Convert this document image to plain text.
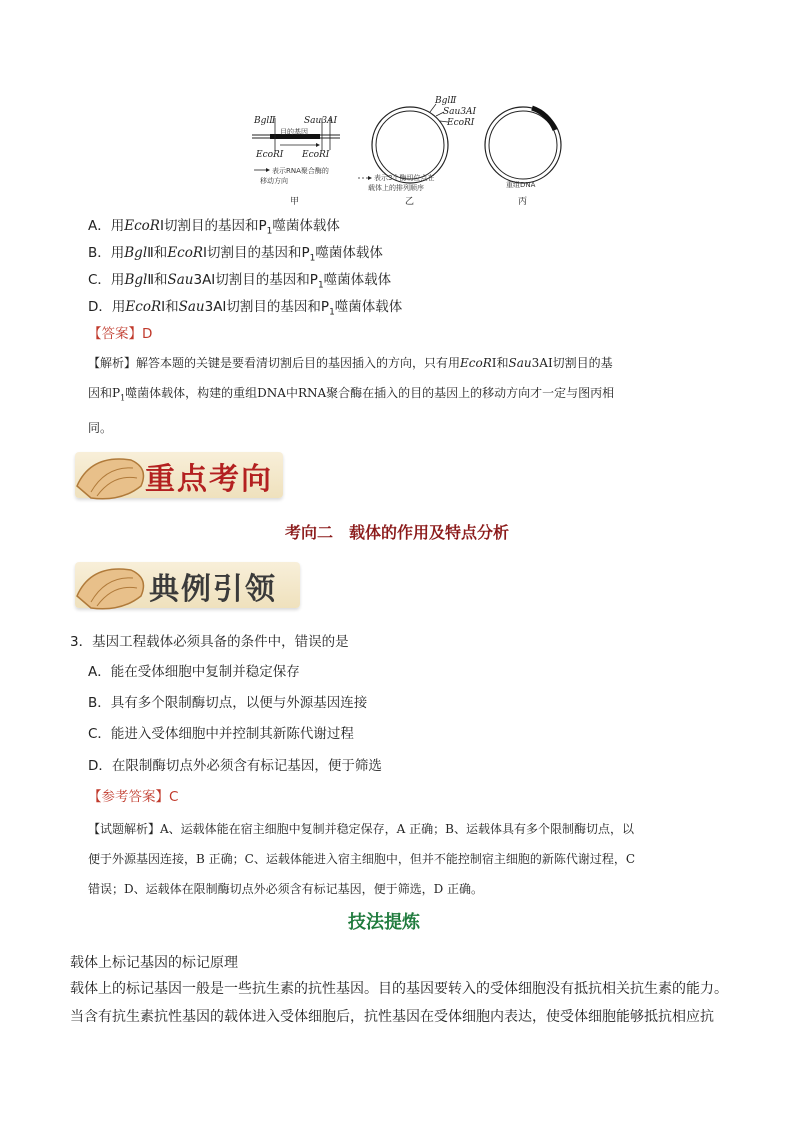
BglⅡ	Sau3AⅠ
目的基因
EcoRⅠ EcoRⅠ
表示RNA聚合酶的
移动方向
甲
BglⅡ
Sau3AⅠ
EcoRⅠ
表示3个酶切位点在
载体上的排列顺序
乙
重组DNA
丙
A．用EcoRⅠ切割目的基因和$P_1$噬菌体载体
B．用BglⅡ和EcoRⅠ切割目的基因和$P_1$噬菌体载体
C．用BglⅡ和Sau3AⅠ切割目的基因和$P_1$噬菌体载体
D．用EcoRⅠ和Sau3AⅠ切割目的基因和$P_1$噬菌体载体
【答案】D
【解析】解答本题的关键是要看清切割后目的基因插入的方向，只有用EcoRⅠ和Sau3AⅠ切割目的基
因和$P_1$噬菌体载体，构建的重组DNA中RNA聚合酶在插入的目的基因上的移动方向才一定与图丙相
同。
重点考向
考向二　载体的作用及特点分析
典例引领
3．基因工程载体必须具备的条件中，错误的是
A．能在受体细胞中复制并稳定保存
B．具有多个限制酶切点，以便与外源基因连接
C．能进入受体细胞中并控制其新陈代谢过程
D．在限制酶切点外必须含有标记基因，便于筛选
【参考答案】C
【试题解析】A、运载体能在宿主细胞中复制并稳定保存，A 正确；B、运载体具有多个限制酶切点，以
便于外源基因连接，B 正确；C、运载体能进入宿主细胞中，但并不能控制宿主细胞的新陈代谢过程，C
错误；D、运载体在限制酶切点外必须含有标记基因，便于筛选，D 正确。
技法提炼
载体上标记基因的标记原理
载体上的标记基因一般是一些抗生素的抗性基因。目的基因要转入的受体细胞没有抵抗相关抗生素的能力。
当含有抗生素抗性基因的载体进入受体细胞后，抗性基因在受体细胞内表达，使受体细胞能够抵抗相应抗
